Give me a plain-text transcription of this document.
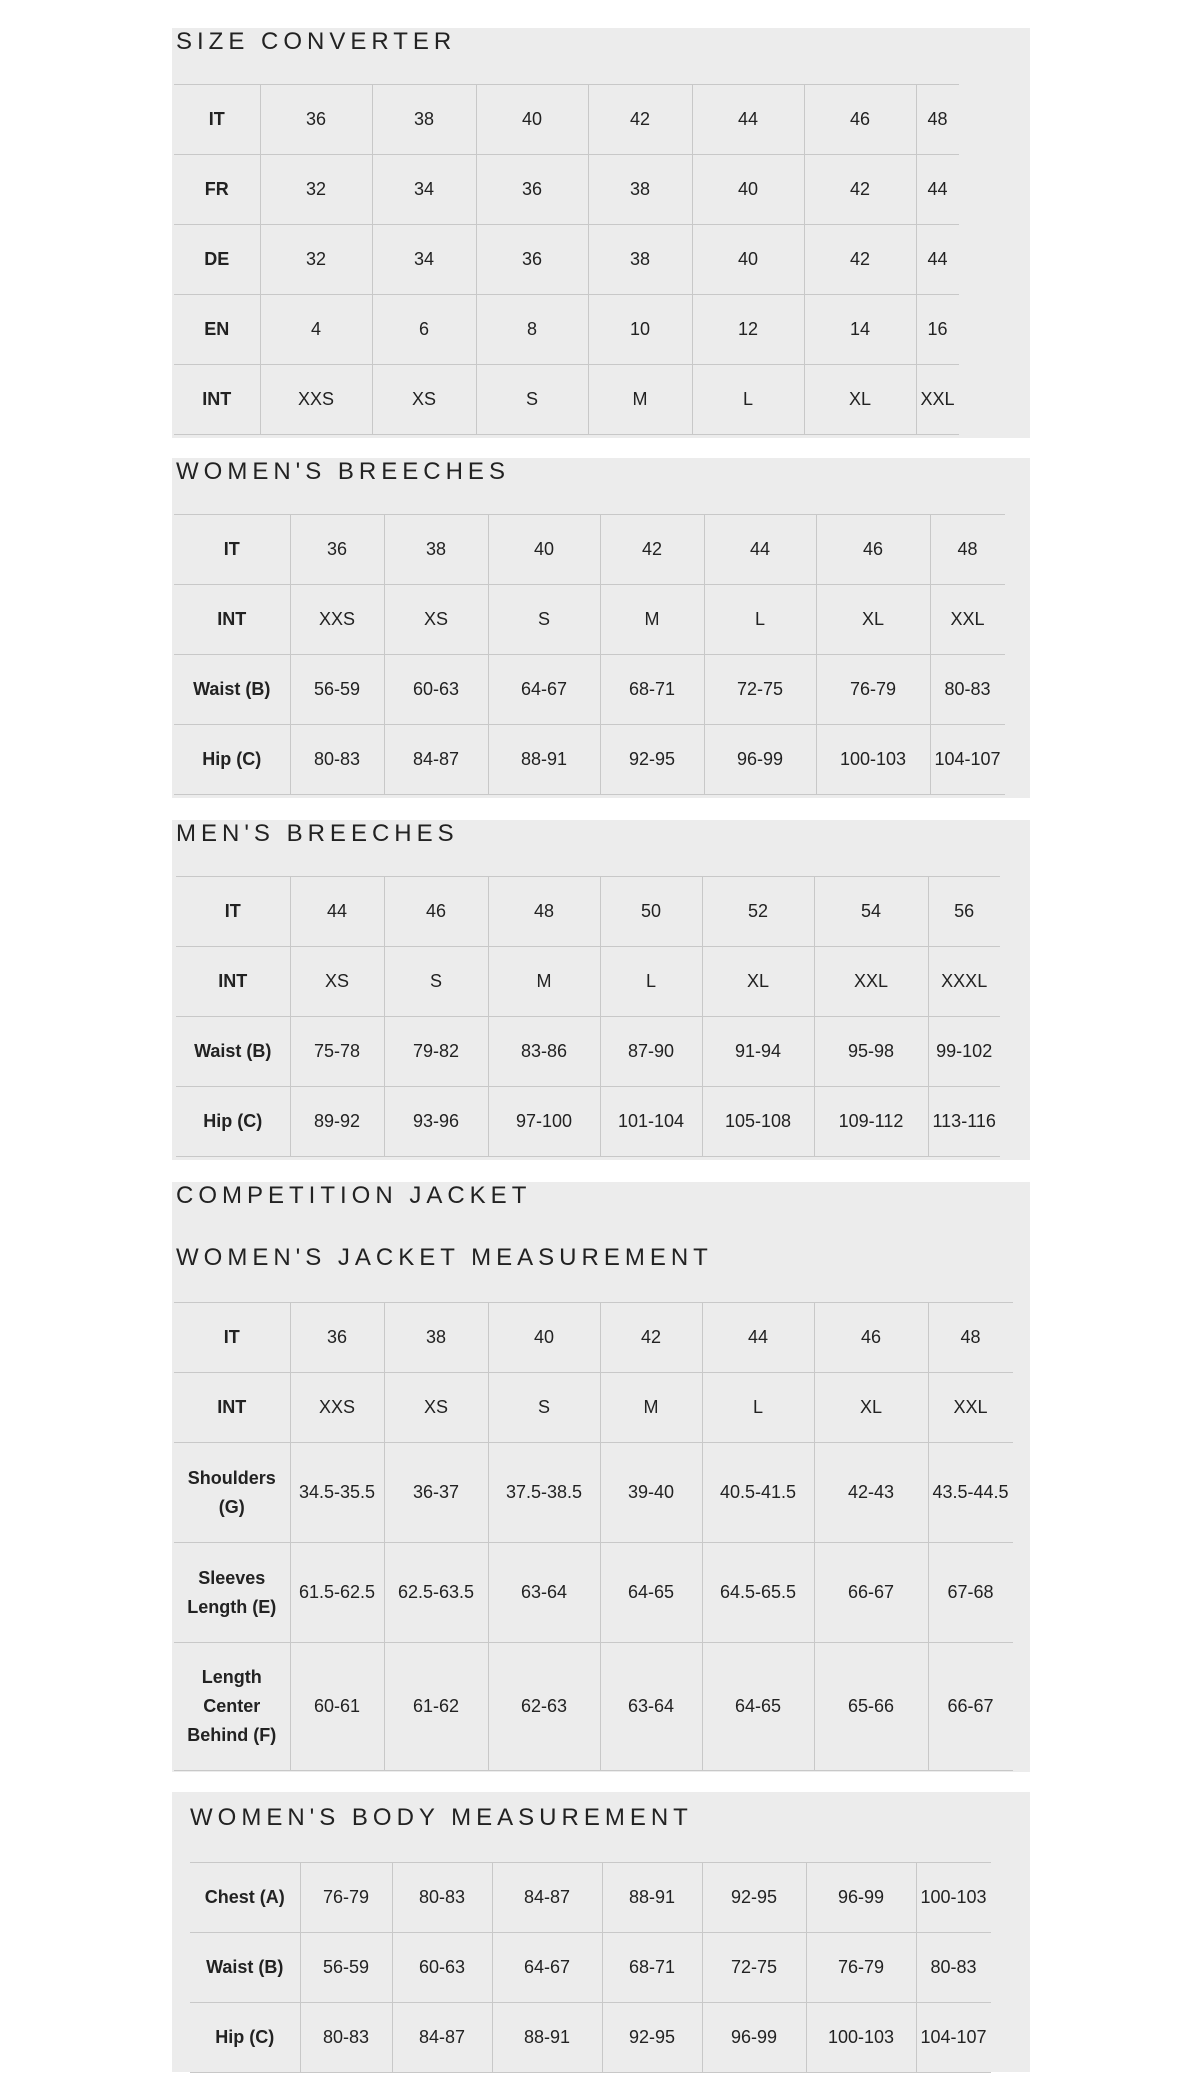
SIZE CONVERTER
IT	36	38	40	42	44	46	48
FR	32	34	36	38	40	42	44
DE	32	34	36	38	40	42	44
EN	4	6	8	10	12	14	16
INT	XXS	XS	S	M	L	XL	XXL
WOMEN'S BREECHES
IT	36	38	40	42	44	46	48
INT	XXS	XS	S	M	L	XL	XXL
Waist (B)	56-59	60-63	64-67	68-71	72-75	76-79	80-83
Hip (C)	80-83	84-87	88-91	92-95	96-99	100-103	104-107
MEN'S BREECHES
IT	44	46	48	50	52	54	56
INT	XS	S	M	L	XL	XXL	XXXL
Waist (B)	75-78	79-82	83-86	87-90	91-94	95-98	99-102
Hip (C)	89-92	93-96	97-100	101-104	105-108	109-112	113-116
COMPETITION JACKET
WOMEN'S JACKET MEASUREMENT
IT	36	38	40	42	44	46	48
INT	XXS	XS	S	M	L	XL	XXL
Shoulders (G)	34.5-35.5	36-37	37.5-38.5	39-40	40.5-41.5	42-43	43.5-44.5
Sleeves Length (E)	61.5-62.5	62.5-63.5	63-64	64-65	64.5-65.5	66-67	67-68
Length Center Behind (F)	60-61	61-62	62-63	63-64	64-65	65-66	66-67
WOMEN'S BODY MEASUREMENT
Chest (A)	76-79	80-83	84-87	88-91	92-95	96-99	100-103
Waist (B)	56-59	60-63	64-67	68-71	72-75	76-79	80-83
Hip (C)	80-83	84-87	88-91	92-95	96-99	100-103	104-107
